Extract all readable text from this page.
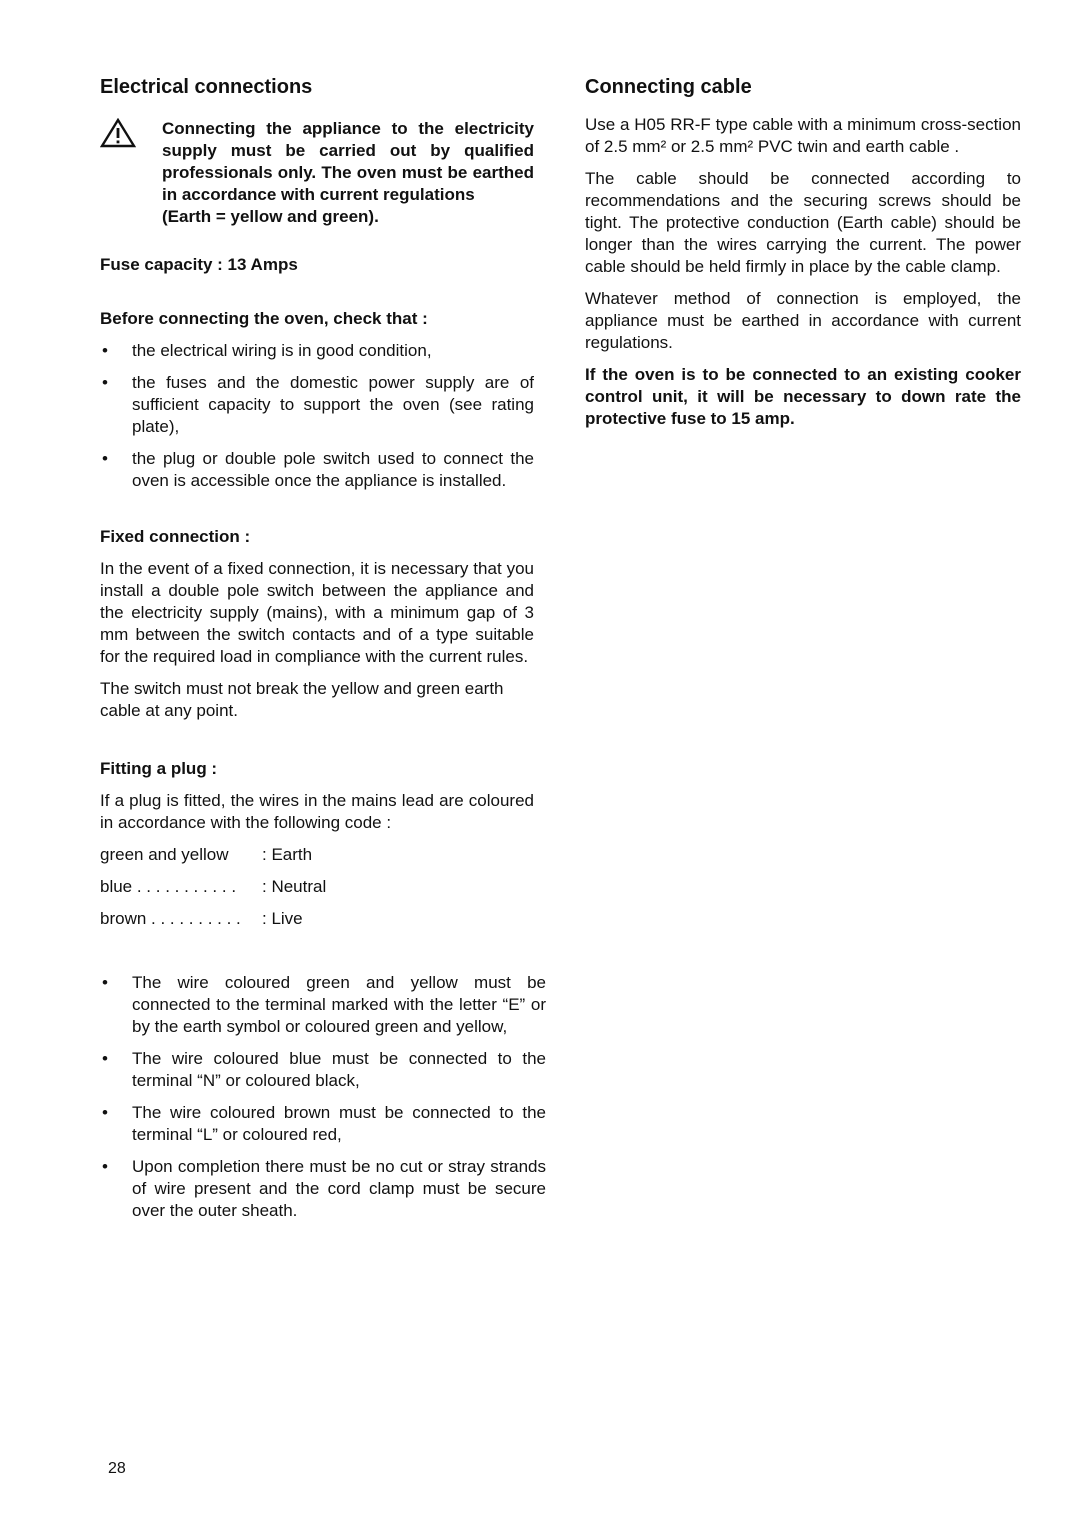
Electrical connections

Connecting the appliance to the electricity supply must be carried out by qualified professionals only. The oven must be earthed in accordance with current regulations

(Earth = yellow and green).

Fuse capacity : 13 Amps
Before connecting the oven, check that :
• the electrical wiring is in good condition,
• the fuses and the domestic power supply are of sufficient capacity to support the oven (see rating plate),
• the plug or double pole switch used to connect the oven is accessible once the appliance is installed.
Fixed connection :

In the event of a fixed connection, it is necessary that you install a double pole switch between the appliance and the electricity supply (mains), with a minimum gap of 3 mm between the switch contacts and of a type suitable for the required load in compliance with the current rules.

The switch must not break the yellow and green earth cable at any point.

Fitting a plug :

If a plug is fitted, the wires in the mains lead are coloured in accordance with the following code :

green and yellow	: Earth
blue . . . . . . . . . . .	: Neutral
brown . . . . . . . . . .	: Live
• The wire coloured green and yellow must be connected to the terminal marked with the letter “E” or by the earth symbol or coloured green and yellow,
• The wire coloured blue must be connected to the terminal “N” or coloured black,
• The wire coloured brown must be connected to the terminal “L” or coloured red,
• Upon completion there must be no cut or stray strands of wire present and the cord clamp must be secure over the outer sheath.
Connecting cable

Use a H05 RR-F type cable with a minimum cross-section of 2.5 mm² or 2.5 mm² PVC twin and earth cable .

The cable should be connected according to recommendations and the securing screws should be tight. The protective conduction (Earth cable) should be longer than the wires carrying the current. The power cable should be held firmly in place by the cable clamp.

Whatever method of connection is employed, the appliance must be earthed in accordance with current regulations.

If the oven is to be connected to an existing cooker control unit, it will be necessary to down rate the protective fuse to 15 amp.

28
